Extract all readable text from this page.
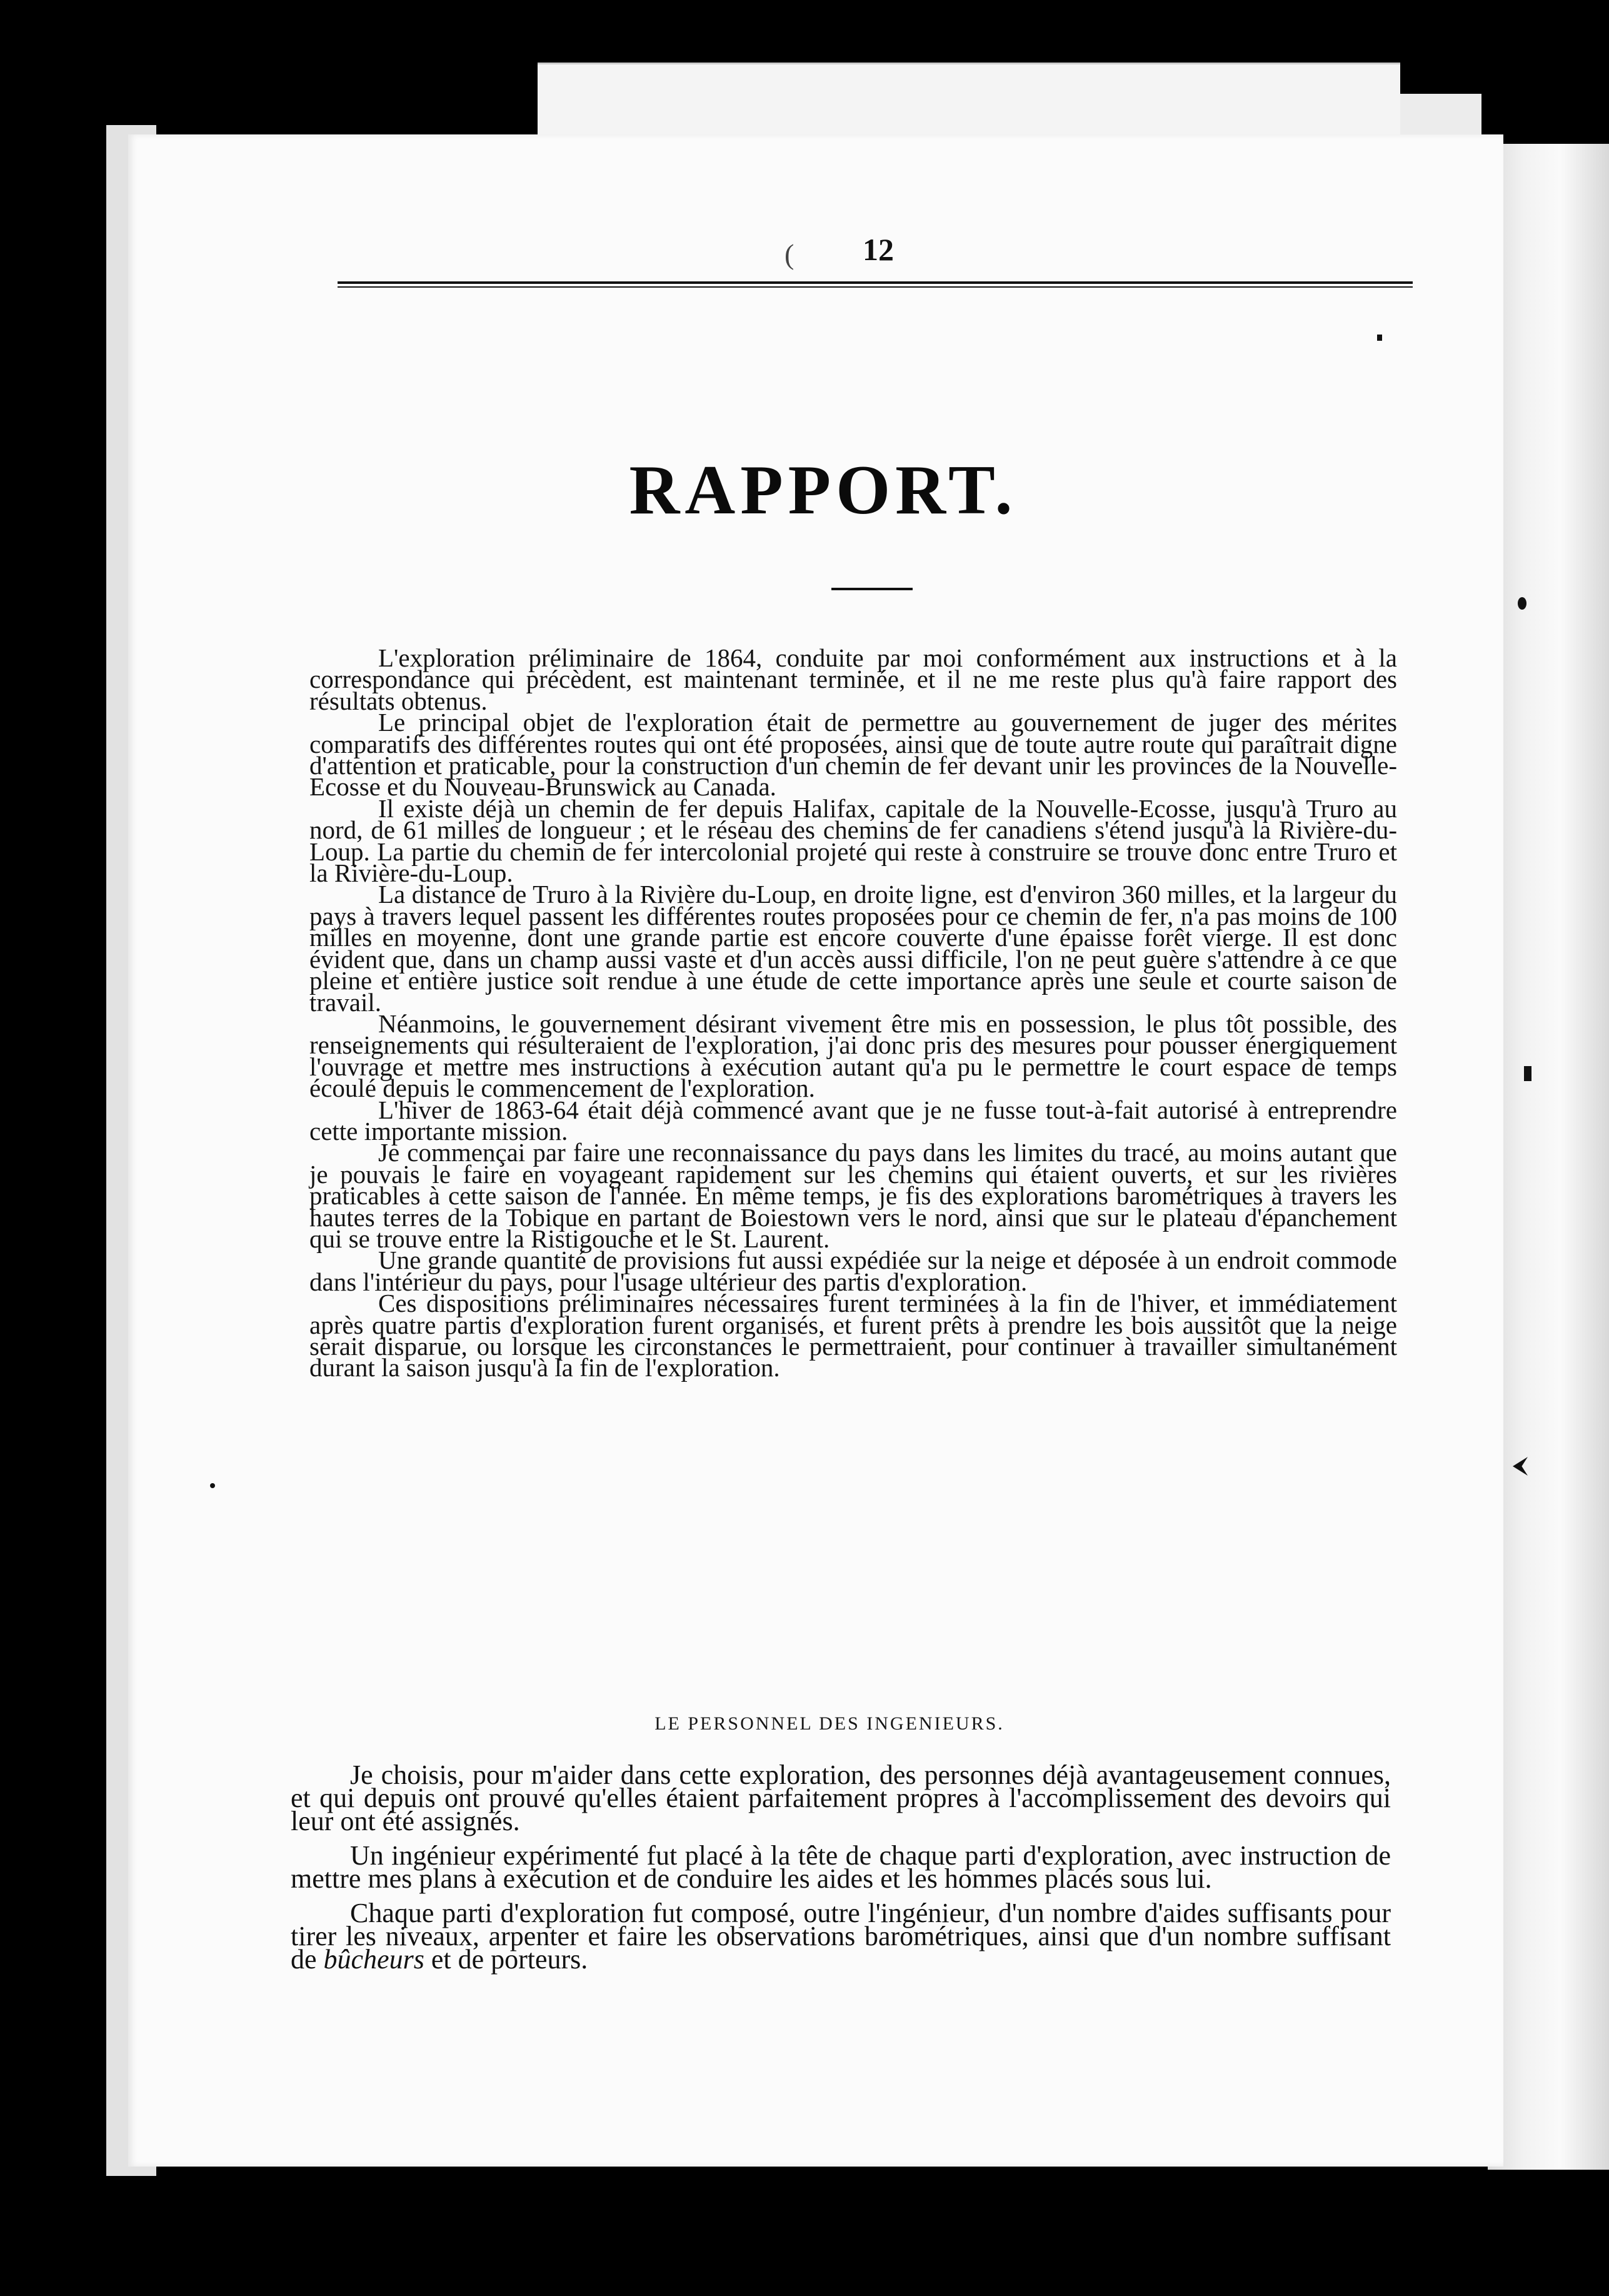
( 12
RAPPORT.

L'exploration préliminaire de 1864, conduite par moi conformément aux instructions et à la correspondance qui précèdent, est maintenant terminée, et il ne me reste plus qu'à faire rapport des résultats obtenus.

Le principal objet de l'exploration était de permettre au gouvernement de juger des mérites comparatifs des différentes routes qui ont été proposées, ainsi que de toute autre route qui paraîtrait digne d'attention et praticable, pour la construction d'un chemin de fer devant unir les provinces de la Nouvelle-Ecosse et du Nouveau-Brunswick au Canada.

Il existe déjà un chemin de fer depuis Halifax, capitale de la Nouvelle-Ecosse, jusqu'à Truro au nord, de 61 milles de longueur ; et le réseau des chemins de fer canadiens s'étend jusqu'à la Rivière-du-Loup. La partie du chemin de fer intercolonial projeté qui reste à construire se trouve donc entre Truro et la Rivière-du-Loup.

La distance de Truro à la Rivière du-Loup, en droite ligne, est d'environ 360 milles, et la largeur du pays à travers lequel passent les différentes routes proposées pour ce chemin de fer, n'a pas moins de 100 milles en moyenne, dont une grande partie est encore couverte d'une épaisse forêt vierge. Il est donc évident que, dans un champ aussi vaste et d'un accès aussi difficile, l'on ne peut guère s'attendre à ce que pleine et entière justice soit rendue à une étude de cette importance après une seule et courte saison de travail.

Néanmoins, le gouvernement désirant vivement être mis en possession, le plus tôt possible, des renseignements qui résulteraient de l'exploration, j'ai donc pris des mesures pour pousser énergiquement l'ouvrage et mettre mes instructions à exécution autant qu'a pu le permettre le court espace de temps écoulé depuis le commencement de l'exploration.

L'hiver de 1863-64 était déjà commencé avant que je ne fusse tout-à-fait autorisé à entreprendre cette importante mission.

Je commençai par faire une reconnaissance du pays dans les limites du tracé, au moins autant que je pouvais le faire en voyageant rapidement sur les chemins qui étaient ouverts, et sur les rivières praticables à cette saison de l'année. En même temps, je fis des explorations barométriques à travers les hautes terres de la Tobique en partant de Boiestown vers le nord, ainsi que sur le plateau d'épanchement qui se trouve entre la Ristigouche et le St. Laurent.

Une grande quantité de provisions fut aussi expédiée sur la neige et déposée à un endroit commode dans l'intérieur du pays, pour l'usage ultérieur des partis d'exploration.

Ces dispositions préliminaires nécessaires furent terminées à la fin de l'hiver, et immédiatement après quatre partis d'exploration furent organisés, et furent prêts à prendre les bois aussitôt que la neige serait disparue, ou lorsque les circonstances le permettraient, pour continuer à travailler simultanément durant la saison jusqu'à la fin de l'exploration.

LE PERSONNEL DES INGENIEURS.

Je choisis, pour m'aider dans cette exploration, des personnes déjà avantageusement connues, et qui depuis ont prouvé qu'elles étaient parfaitement propres à l'accomplissement des devoirs qui leur ont été assignés.

Un ingénieur expérimenté fut placé à la tête de chaque parti d'exploration, avec instruction de mettre mes plans à exécution et de conduire les aides et les hommes placés sous lui.

Chaque parti d'exploration fut composé, outre l'ingénieur, d'un nombre d'aides suffisants pour tirer les niveaux, arpenter et faire les observations barométriques, ainsi que d'un nombre suffisant de bûcheurs et de porteurs.
